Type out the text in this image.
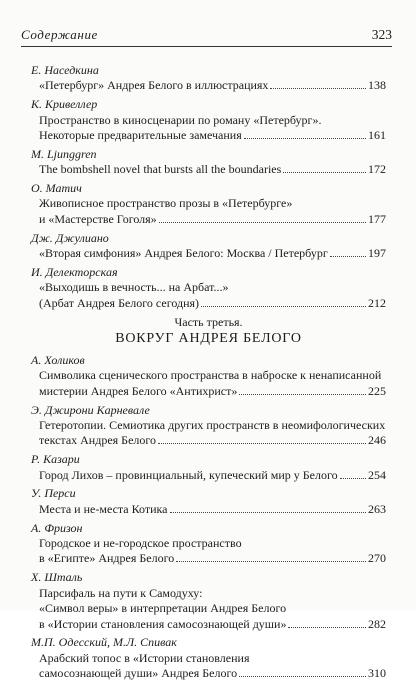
Содержание	323
Е. Наседкина
«Петербург» Андрея Белого в иллюстрациях	138
К. Кривеллер
Пространство в киносценарии по роману «Петербург».
Некоторые предварительные замечания	161
M. Ljunggren
The bombshell novel that bursts all the boundaries	172
О. Матич
Живописное пространство прозы в «Петербурге»
и «Мастерстве Гоголя»	177
Дж. Джулиано
«Вторая симфония» Андрея Белого: Москва / Петербург	197
И. Делекторская
«Выходишь в вечность... на Арбат...»
(Арбат Андрея Белого сегодня)	212
Часть третья.
ВОКРУГ АНДРЕЯ БЕЛОГО
А. Холиков
Символика сценического пространства в наброске к ненаписанной
мистерии Андрея Белого «Антихрист»	225
Э. Джирони Карневале
Гетеротопии. Семиотика других пространств в неомифологических
текстах Андрея Белого	246
Р. Казари
Город Лихов – провинциальный, купеческий мир у Белого	254
У. Перси
Места и не-места Котика	263
А. Фризон
Городское и не-городское пространство
в «Египте» Андрея Белого	270
Х. Шталь
Парсифаль на пути к Самодуху:
«Символ веры» в интерпретации Андрея Белого
в «Истории становления самосознающей души»	282
М.П. Одесский, М.Л. Спивак
Арабский топос в «Истории становления
самосознающей души» Андрея Белого	310
